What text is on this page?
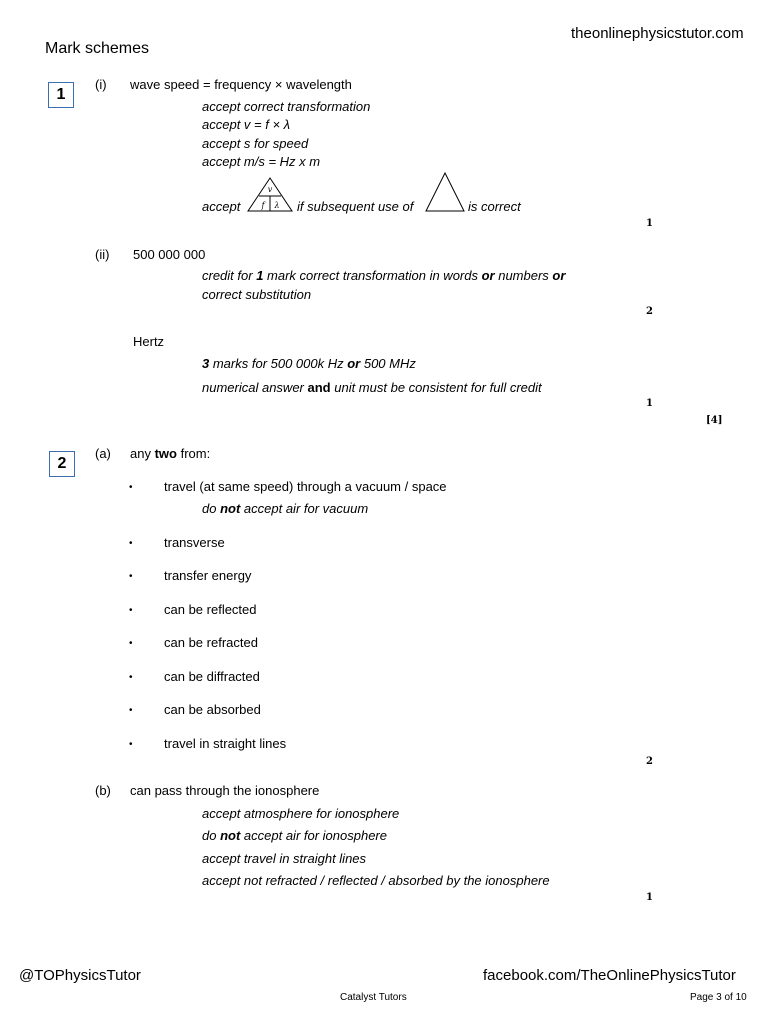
theonlinephysicstutor.com
Mark schemes
1
(i) wave speed = frequency × wavelength
accept correct transformation
accept v = f × λ
accept s for speed
accept m/s = Hz x m
accept
v
f λ if subsequent use of	is correct
1
(ii) 500 000 000
credit for 1 mark correct transformation in words or numbers or
correct substitution
2
Hertz
3 marks for 500 000k Hz or 500 MHz
numerical answer and unit must be consistent for full credit
1
[4]
2
(a) any two from:
• travel (at same speed) through a vacuum / space
do not accept air for vacuum
• transverse
• transfer energy
• can be reflected
• can be refracted
• can be diffracted
• can be absorbed
• travel in straight lines
2
(b) can pass through the ionosphere
accept atmosphere for ionosphere
do not accept air for ionosphere
accept travel in straight lines
accept not refracted / reflected / absorbed by the ionosphere
1
@TOPhysicsTutor	facebook.com/TheOnlinePhysicsTutor
Catalyst Tutors	Page 3 of 10
